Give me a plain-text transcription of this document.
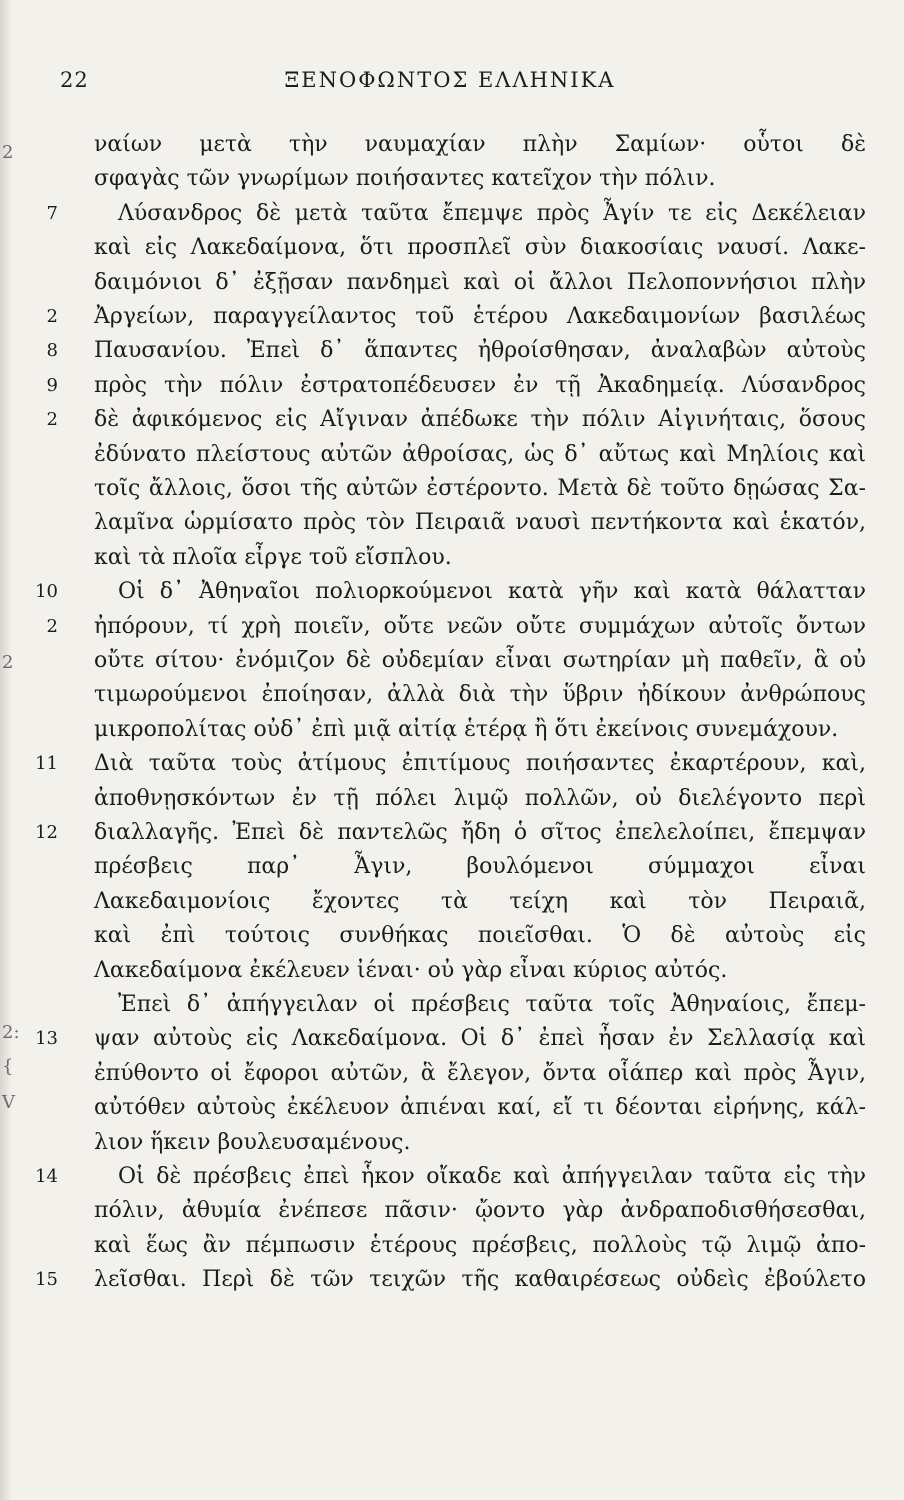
22	ΞΕΝΟΦΩΝΤΟΣ ΕΛΛΗΝΙΚΑ
ναίων μετὰ τὴν ναυμαχίαν πλὴν Σαμίων· οὗτοι δὲ
σφαγὰς τῶν γνωρίμων ποιήσαντες κατεῖχον τὴν πόλιν.
7	Λύσανδρος δὲ μετὰ ταῦτα ἔπεμψε πρὸς Ἆγίν τε εἰς Δεκέλειαν
καὶ εἰς Λακεδαίμονα, ὅτι προσπλεῖ σὺν διακοσίαις ναυσί. Λακε-
δαιμόνιοι δ᾽ ἐξῇσαν πανδημεὶ καὶ οἱ ἄλλοι Πελοποννήσιοι πλὴν
2 Ἀργείων, παραγγείλαντος τοῦ ἑτέρου Λακεδαιμονίων βασιλέως
8 Παυσανίου. Ἐπεὶ δ᾽ ἅπαντες ἠθροίσθησαν, ἀναλαβὼν αὐτοὺς
9 πρὸς τὴν πόλιν ἐστρατοπέδευσεν ἐν τῇ Ἀκαδημείᾳ. Λύσανδρος
2 δὲ ἀφικόμενος εἰς Αἴγιναν ἀπέδωκε τὴν πόλιν Αἰγινήταις, ὅσους
ἐδύνατο πλείστους αὐτῶν ἀθροίσας, ὡς δ᾽ αὔτως καὶ Μηλίοις καὶ
τοῖς ἄλλοις, ὅσοι τῆς αὐτῶν ἐστέροντο. Μετὰ δὲ τοῦτο δῃώσας Σα-
λαμῖνα ὡρμίσατο πρὸς τὸν Πειραιᾶ ναυσὶ πεντήκοντα καὶ ἑκατόν,
καὶ τὰ πλοῖα εἶργε τοῦ εἴσπλου.
10	Οἱ δ᾽ Ἀθηναῖοι πολιορκούμενοι κατὰ γῆν καὶ κατὰ θάλατταν
2 ἠπόρουν, τί χρὴ ποιεῖν, οὔτε νεῶν οὔτε συμμάχων αὐτοῖς ὄντων
οὔτε σίτου· ἐνόμιζον δὲ οὐδεμίαν εἶναι σωτηρίαν μὴ παθεῖν, ἃ οὐ
τιμωρούμενοι ἐποίησαν, ἀλλὰ διὰ τὴν ὕβριν ἠδίκουν ἀνθρώπους
μικροπολίτας οὐδ᾽ ἐπὶ μιᾷ αἰτίᾳ ἑτέρᾳ ἢ ὅτι ἐκείνοις συνεμάχουν.
11 Διὰ ταῦτα τοὺς ἀτίμους ἐπιτίμους ποιήσαντες ἐκαρτέρουν, καὶ,
ἀποθνῃσκόντων ἐν τῇ πόλει λιμῷ πολλῶν, οὐ διελέγοντο περὶ
12 διαλλαγῆς. Ἐπεὶ δὲ παντελῶς ἤδη ὁ σῖτος ἐπελελοίπει, ἔπεμψαν
πρέσβεις παρ᾽ Ἆγιν, βουλόμενοι σύμμαχοι εἶναι
Λακεδαιμονίοις ἔχοντες τὰ τείχη καὶ τὸν Πειραιᾶ,
καὶ ἐπὶ τούτοις συνθήκας ποιεῖσθαι. Ὁ δὲ αὐτοὺς εἰς
Λακεδαίμονα ἐκέλευεν ἰέναι· οὐ γὰρ εἶναι κύριος αὐτός.
Ἐπεὶ δ᾽ ἀπήγγειλαν οἱ πρέσβεις ταῦτα τοῖς Ἀθηναίοις, ἔπεμ-
13 ψαν αὐτοὺς εἰς Λακεδαίμονα. Οἱ δ᾽ ἐπεὶ ἦσαν ἐν Σελλασίᾳ καὶ
ἐπύθοντο οἱ ἔφοροι αὐτῶν, ἃ ἔλεγον, ὄντα οἷάπερ καὶ πρὸς Ἆγιν,
αὐτόθεν αὐτοὺς ἐκέλευον ἀπιέναι καί, εἴ τι δέονται εἰρήνης, κάλ-
λιον ἥκειν βουλευσαμένους.
14	Οἱ δὲ πρέσβεις ἐπεὶ ἧκον οἴκαδε καὶ ἀπήγγειλαν ταῦτα εἰς τὴν
πόλιν, ἀθυμία ἐνέπεσε πᾶσιν· ᾤοντο γὰρ ἀνδραποδισθήσεσθαι,
καὶ ἕως ἂν πέμπωσιν ἑτέρους πρέσβεις, πολλοὺς τῷ λιμῷ ἀπο-
15 λεῖσθαι. Περὶ δὲ τῶν τειχῶν τῆς καθαιρέσεως οὐδεὶς ἐβούλετο
2
2
2:
{
V
